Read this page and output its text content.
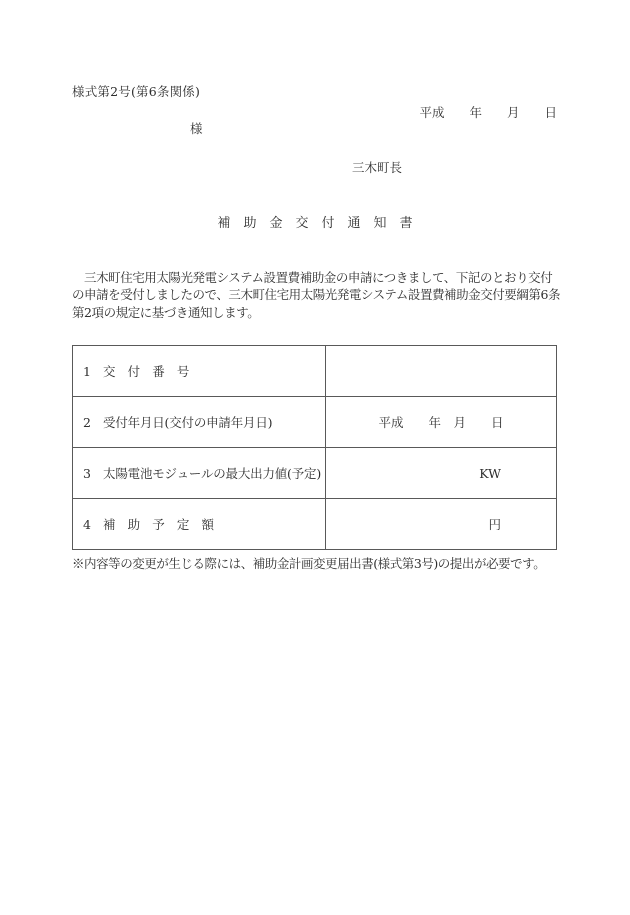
様式第2号(第6条関係)
平成　　年　　月　　日
様
三木町長
補　助　金　交　付　通　知　書
　三木町住宅用太陽光発電システム設置費補助金の申請につきまして、下記のとおり交付
の申請を受付しましたので、三木町住宅用太陽光発電システム設置費補助金交付要綱第6条
第2項の規定に基づき通知します。
1　交　付　番　号	
2　受付年月日(交付の申請年月日)	平成　　年　月　　日
3　太陽電池モジュールの最大出力値(予定)	KW
4　補　助　予　定　額	円
※内容等の変更が生じる際には、補助金計画変更届出書(様式第3号)の提出が必要です。
